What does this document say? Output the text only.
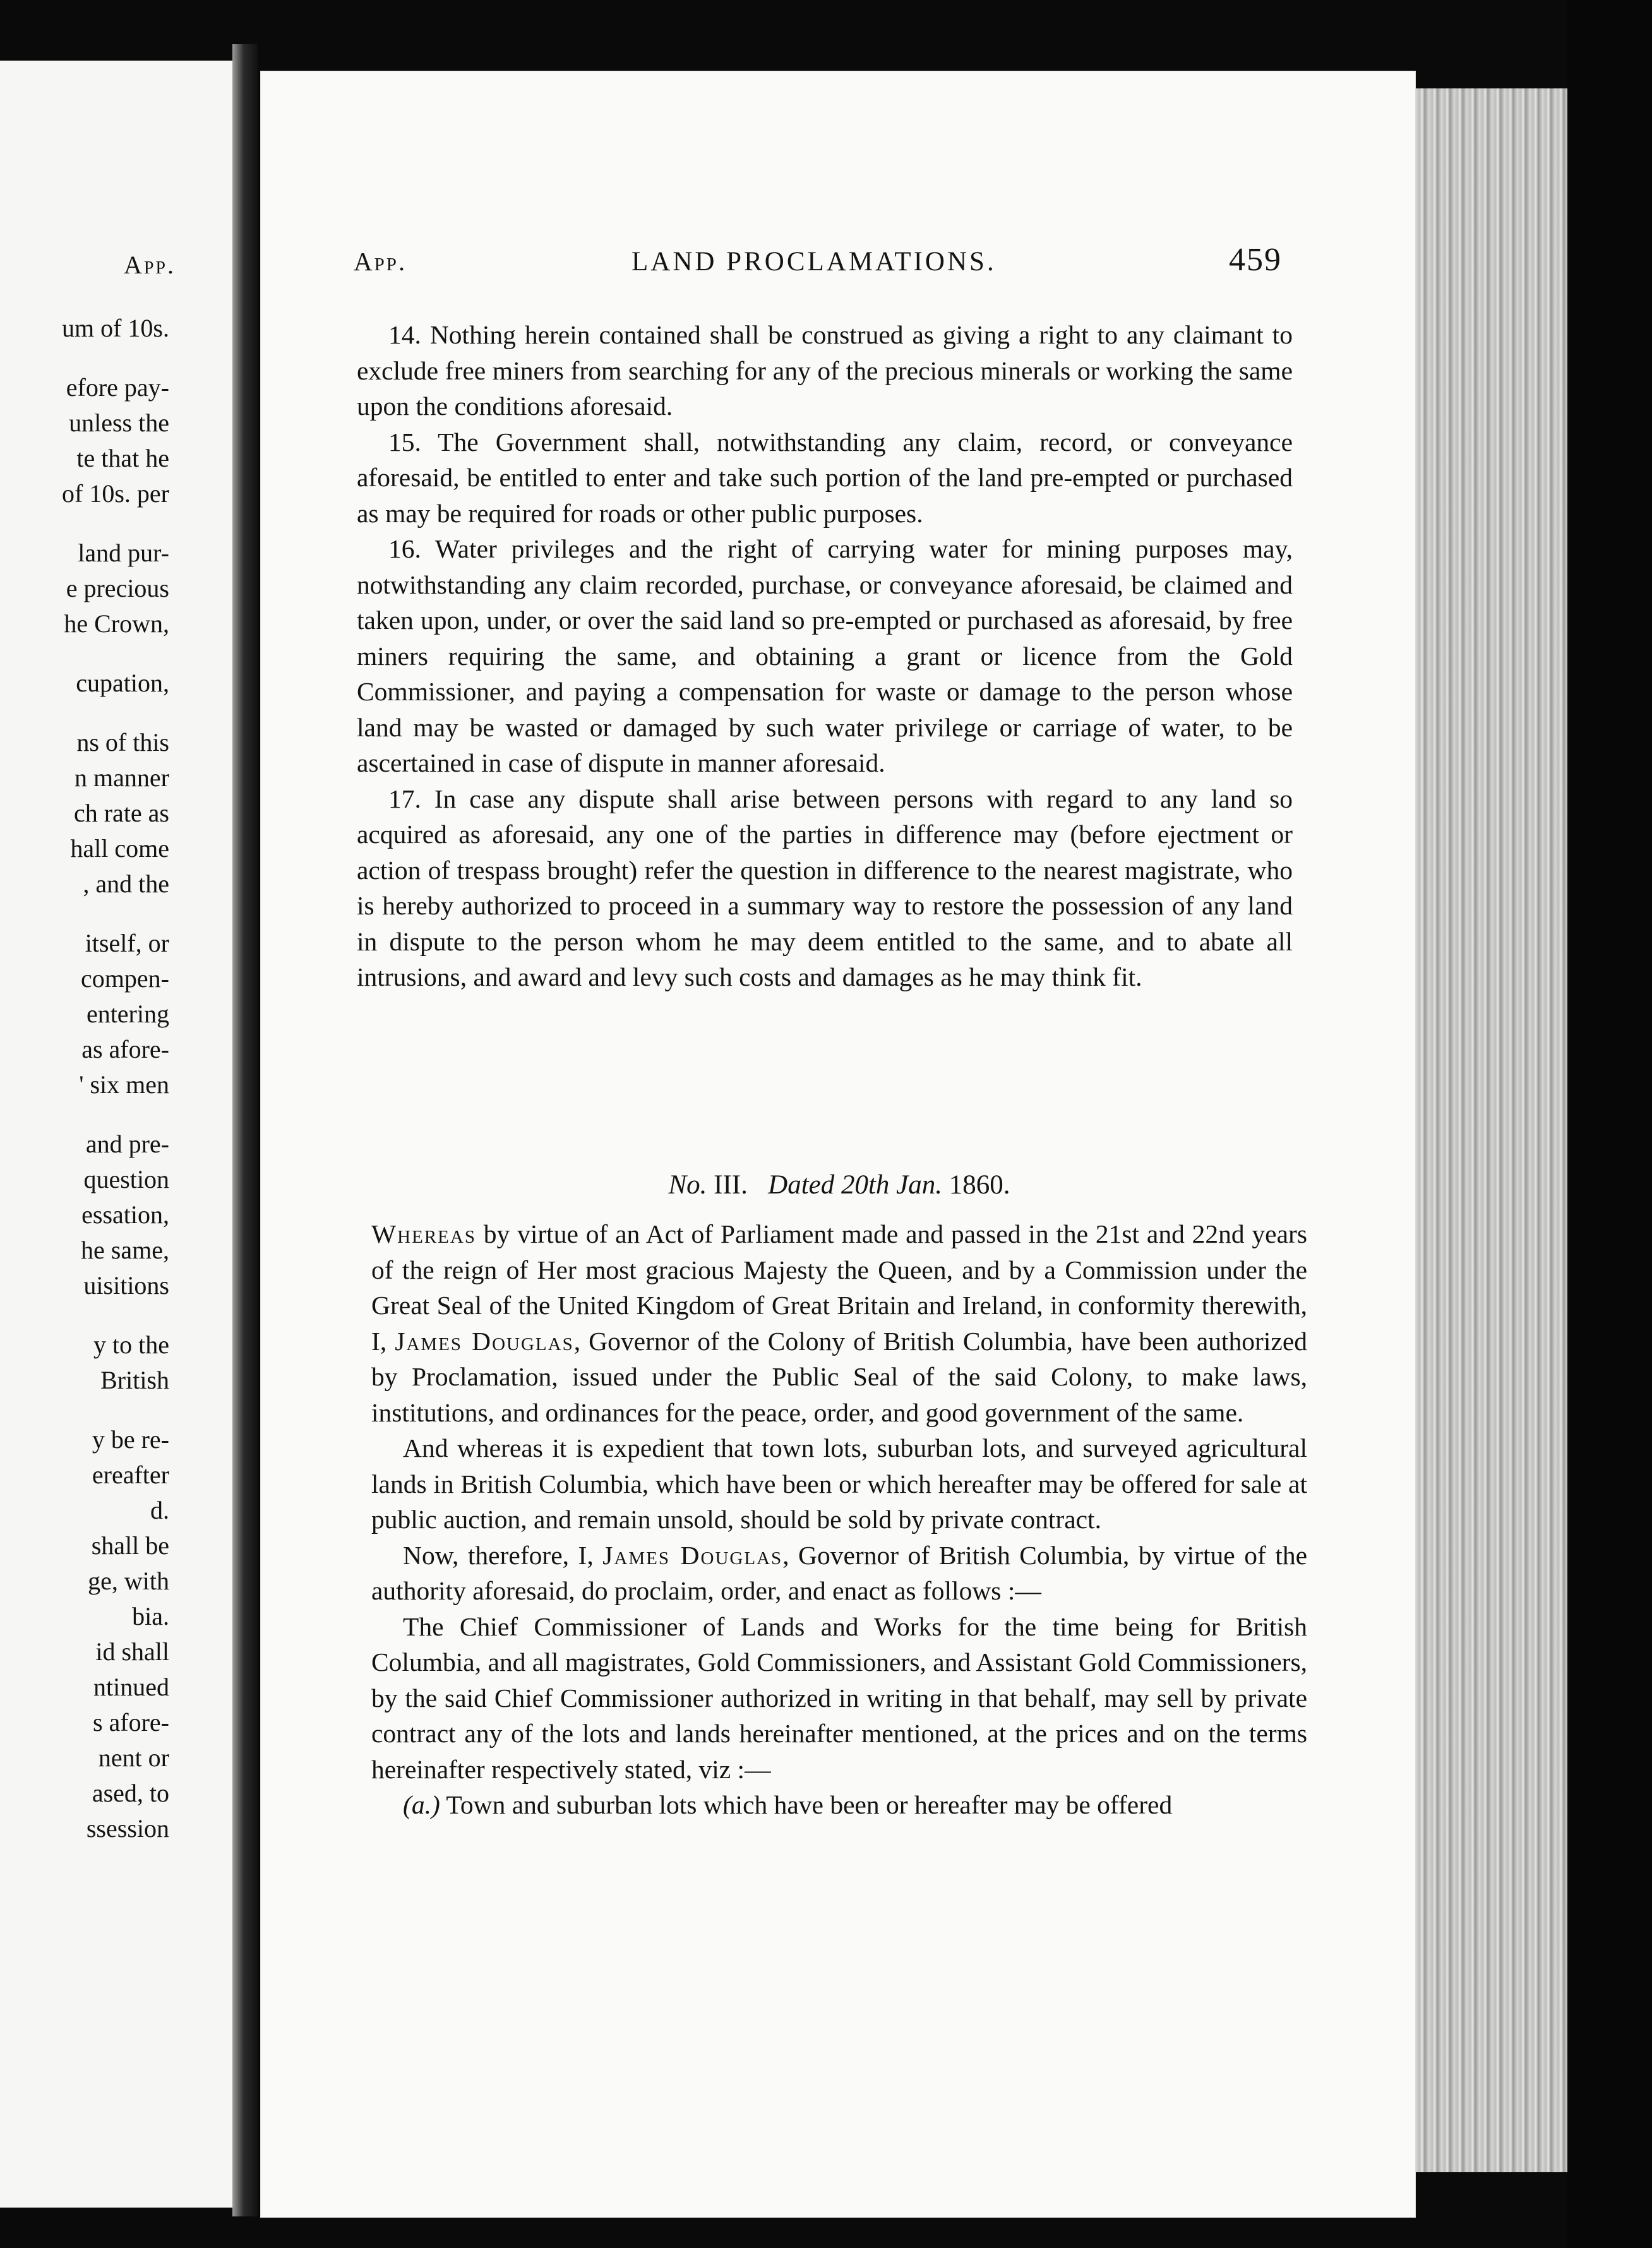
App.
um of 10s.
efore pay-
unless the
te that he
of 10s. per
land pur-
e precious
he Crown,
cupation,
ns of this
n manner
ch rate as
hall come
, and the
itself, or
compen-
entering
as afore-
' six men
and pre-
question
essation,
he same,
uisitions
y to the
British
y be re-
ereafter
d.
shall be
ge, with
bia.
id shall
ntinued
s afore-
nent or
ased, to
ssession
App.	LAND PROCLAMATIONS.	459

14. Nothing herein contained shall be construed as giving a right to any claimant to exclude free miners from searching for any of the precious minerals or working the same upon the conditions aforesaid.

15. The Government shall, notwithstanding any claim, record, or conveyance aforesaid, be entitled to enter and take such portion of the land pre-empted or purchased as may be required for roads or other public purposes.

16. Water privileges and the right of carrying water for mining purposes may, notwithstanding any claim recorded, purchase, or conveyance aforesaid, be claimed and taken upon, under, or over the said land so pre-empted or purchased as aforesaid, by free miners requiring the same, and obtaining a grant or licence from the Gold Commissioner, and paying a compensation for waste or damage to the person whose land may be wasted or damaged by such water privilege or carriage of water, to be ascertained in case of dispute in manner aforesaid.

17. In case any dispute shall arise between persons with regard to any land so acquired as aforesaid, any one of the parties in difference may (before ejectment or action of trespass brought) refer the question in difference to the nearest magistrate, who is hereby authorized to proceed in a summary way to restore the possession of any land in dispute to the person whom he may deem entitled to the same, and to abate all intrusions, and award and levy such costs and damages as he may think fit.

No. III. Dated 20th Jan. 1860.

Whereas by virtue of an Act of Parliament made and passed in the 21st and 22nd years of the reign of Her most gracious Majesty the Queen, and by a Commission under the Great Seal of the United Kingdom of Great Britain and Ireland, in conformity therewith, I, James Douglas, Governor of the Colony of British Columbia, have been authorized by Proclamation, issued under the Public Seal of the said Colony, to make laws, institutions, and ordinances for the peace, order, and good government of the same.

And whereas it is expedient that town lots, suburban lots, and surveyed agricultural lands in British Columbia, which have been or which hereafter may be offered for sale at public auction, and remain unsold, should be sold by private contract.

Now, therefore, I, James Douglas, Governor of British Columbia, by virtue of the authority aforesaid, do proclaim, order, and enact as follows :—

The Chief Commissioner of Lands and Works for the time being for British Columbia, and all magistrates, Gold Commissioners, and Assistant Gold Commissioners, by the said Chief Commissioner authorized in writing in that behalf, may sell by private contract any of the lots and lands hereinafter mentioned, at the prices and on the terms hereinafter respectively stated, viz :—

(a.) Town and suburban lots which have been or hereafter may be offered
